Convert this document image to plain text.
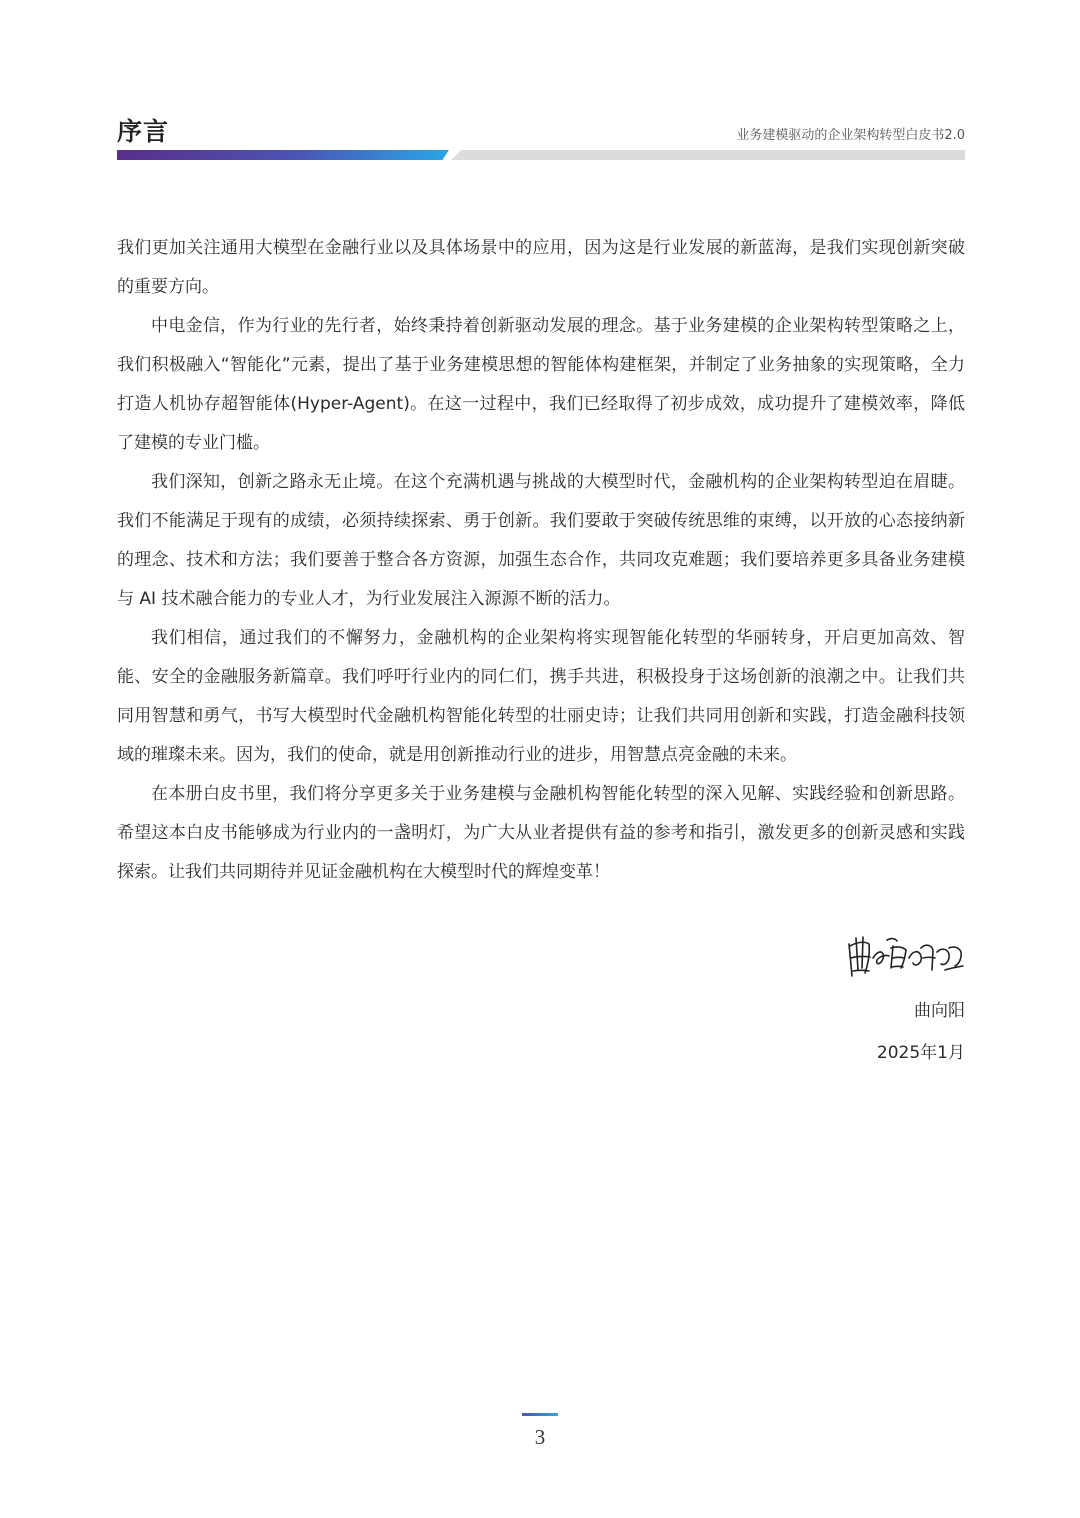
序言	业务建模驱动的企业架构转型白皮书2.0

我们更加关注通用大模型在金融行业以及具体场景中的应用，因为这是行业发展的新蓝海，是我们实现创新突破的重要方向。

中电金信，作为行业的先行者，始终秉持着创新驱动发展的理念。基于业务建模的企业架构转型策略之上，我们积极融入“智能化”元素，提出了基于业务建模思想的智能体构建框架，并制定了业务抽象的实现策略，全力打造人机协存超智能体(Hyper-Agent)。在这一过程中，我们已经取得了初步成效，成功提升了建模效率，降低了建模的专业门槛。

我们深知，创新之路永无止境。在这个充满机遇与挑战的大模型时代，金融机构的企业架构转型迫在眉睫。我们不能满足于现有的成绩，必须持续探索、勇于创新。我们要敢于突破传统思维的束缚，以开放的心态接纳新的理念、技术和方法；我们要善于整合各方资源，加强生态合作，共同攻克难题；我们要培养更多具备业务建模与 AI 技术融合能力的专业人才，为行业发展注入源源不断的活力。

我们相信，通过我们的不懈努力，金融机构的企业架构将实现智能化转型的华丽转身，开启更加高效、智能、安全的金融服务新篇章。我们呼吁行业内的同仁们，携手共进，积极投身于这场创新的浪潮之中。让我们共同用智慧和勇气，书写大模型时代金融机构智能化转型的壮丽史诗；让我们共同用创新和实践，打造金融科技领域的璀璨未来。因为，我们的使命，就是用创新推动行业的进步，用智慧点亮金融的未来。

在本册白皮书里，我们将分享更多关于业务建模与金融机构智能化转型的深入见解、实践经验和创新思路。希望这本白皮书能够成为行业内的一盏明灯，为广大从业者提供有益的参考和指引，激发更多的创新灵感和实践探索。让我们共同期待并见证金融机构在大模型时代的辉煌变革！

曲向阳
2025年1月
3
